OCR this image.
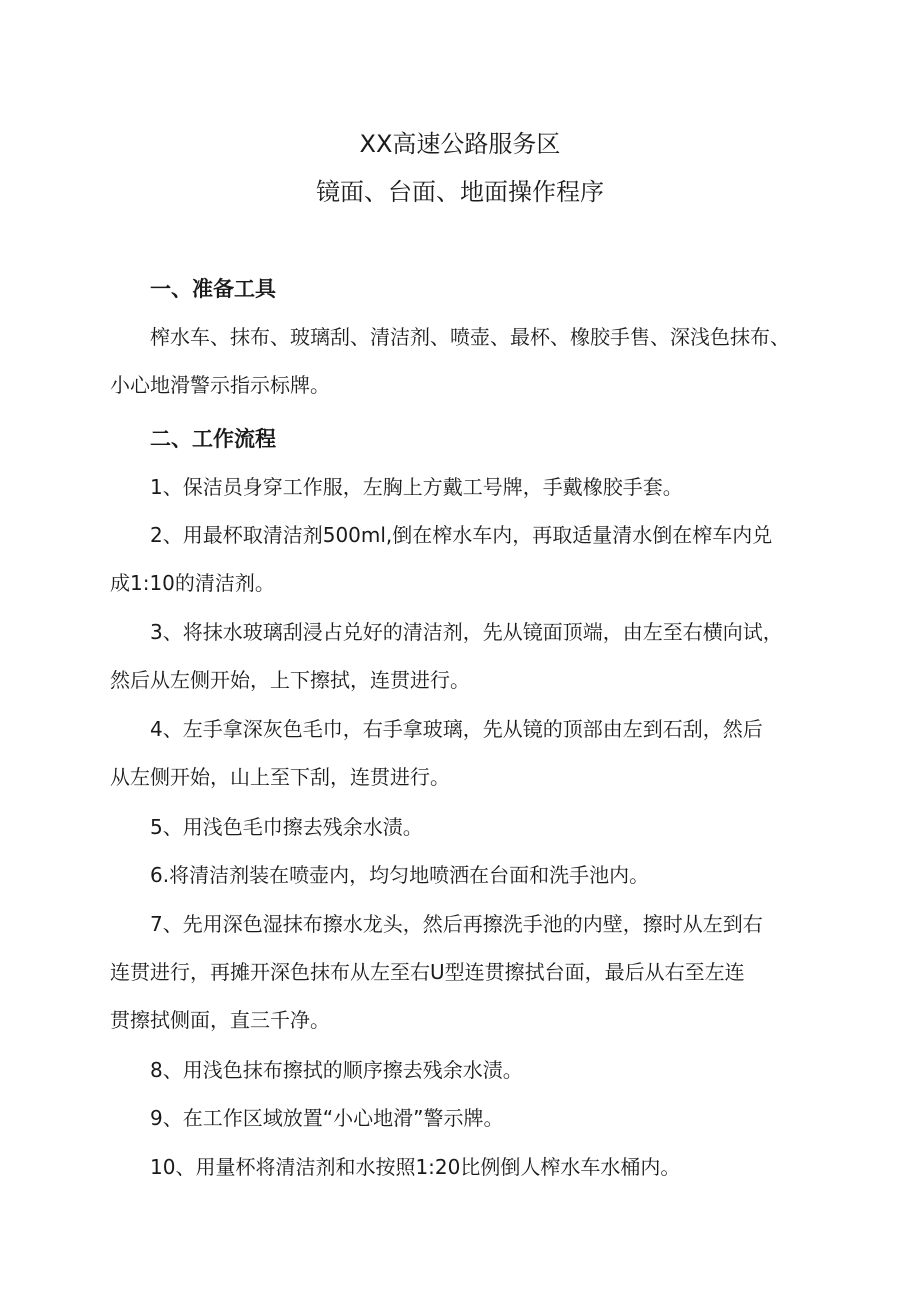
XX高速公路服务区
镜面、台面、地面操作程序
一、准备工具
榨水车、抹布、玻璃刮、清洁剂、喷壶、最杯、橡胶手售、深浅色抹布、
小心地滑警示指示标牌。
二、工作流程
1、保洁员身穿工作服，左胸上方戴工号牌，手戴橡胶手套。
2、用最杯取清洁剂500ml,倒在榨水车内，再取适量清水倒在榨车内兑
成1:10的清洁剂。
3、将抹水玻璃刮浸占兑好的清洁剂，先从镜面顶端，由左至右横向试，
然后从左侧开始，上下擦拭，连贯进行。
4、左手拿深灰色毛巾，右手拿玻璃，先从镜的顶部由左到石刮，然后
从左侧开始，山上至下刮，连贯进行。
5、用浅色毛巾擦去残余水渍。
6.将清洁剂装在喷壶内，均匀地喷洒在台面和洗手池内。
7、先用深色湿抹布擦水龙头，然后再擦洗手池的内壁，擦时从左到右
连贯进行，再摊开深色抹布从左至右U型连贯擦拭台面，最后从右至左连
贯擦拭侧面，直三千净。
8、用浅色抹布擦拭的顺序擦去残余水渍。
9、在工作区域放置“小心地滑”警示牌。
10、用量杯将清洁剂和水按照1:20比例倒人榨水车水桶内。
